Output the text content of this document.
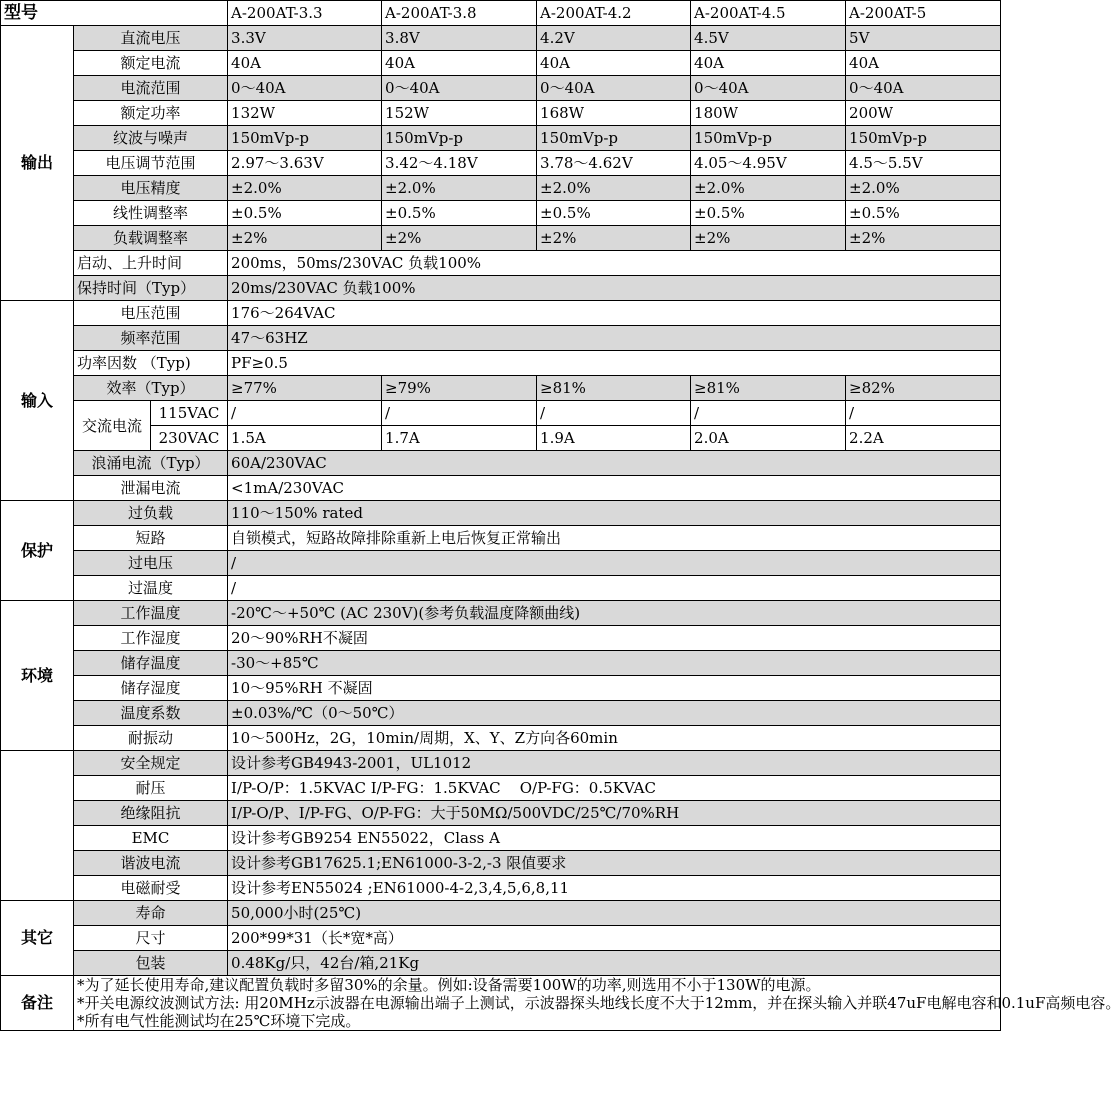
型号			A-200AT-3.3	A-200AT-3.8	A-200AT-4.2	A-200AT-4.5	A-200AT-5
输出	直流电压		3.3V	3.8V	4.2V	4.5V	5V
	额定电流		40A	40A	40A	40A	40A
	电流范围		0～40A	0～40A	0～40A	0～40A	0～40A
	额定功率		132W	152W	168W	180W	200W
	纹波与噪声		150mVp-p	150mVp-p	150mVp-p	150mVp-p	150mVp-p
	电压调节范围		2.97～3.63V	3.42～4.18V	3.78～4.62V	4.05～4.95V	4.5～5.5V
	电压精度		±2.0%	±2.0%	±2.0%	±2.0%	±2.0%
	线性调整率		±0.5%	±0.5%	±0.5%	±0.5%	±0.5%
	负载调整率		±2%	±2%	±2%	±2%	±2%
	启动、上升时间		200ms，50ms/230VAC 负载100%				
	保持时间（Typ）		20ms/230VAC 负载100%				
输入	电压范围		176～264VAC				
	频率范围		47～63HZ				
	功率因数 （Typ)		PF≥0.5				
	效率（Typ）		≥77%	≥79%	≥81%	≥81%	≥82%
	交流电流	115VAC	/	/	/	/	/
		230VAC	1.5A	1.7A	1.9A	2.0A	2.2A
	浪涌电流（Typ）		60A/230VAC				
	泄漏电流		<1mA/230VAC				
保护	过负载		110～150% rated				
	短路		自锁模式，短路故障排除重新上电后恢复正常输出				
	过电压		/				
	过温度		/				
环境	工作温度		-20℃～+50℃ (AC 230V)(参考负载温度降额曲线)				
	工作湿度		20～90%RH不凝固				
	储存温度		-30～+85℃				
	储存湿度		10～95%RH 不凝固				
	温度系数		±0.03%/℃（0～50℃）				
	耐振动		10～500Hz，2G，10min/周期，X、Y、Z方向各60min				
	安全规定		设计参考GB4943-2001，UL1012				
	耐压		I/P-O/P：1.5KVAC I/P-FG：1.5KVAC    O/P-FG：0.5KVAC				
	绝缘阻抗		I/P-O/P、I/P-FG、O/P-FG：大于50MΩ/500VDC/25℃/70%RH				
	EMC		设计参考GB9254 EN55022，Class A				
	谐波电流		设计参考GB17625.1;EN61000-3-2,-3 限值要求				
	电磁耐受		设计参考EN55024 ;EN61000-4-2,3,4,5,6,8,11				
其它	寿命		50,000小时(25℃)				
	尺寸		200*99*31（长*宽*高）				
	包装		0.48Kg/只，42台/箱,21Kg				
备注	*为了延长使用寿命,建议配置负载时多留30%的余量。例如:设备需要100W的功率,则选用不小于130W的电源。
*开关电源纹波测试方法: 用20MHz示波器在电源输出端子上测试，示波器探头地线长度不大于12mm，并在探头输入并联47uF电解电容和0.1uF高频电容。
*所有电气性能测试均在25℃环境下完成。						
